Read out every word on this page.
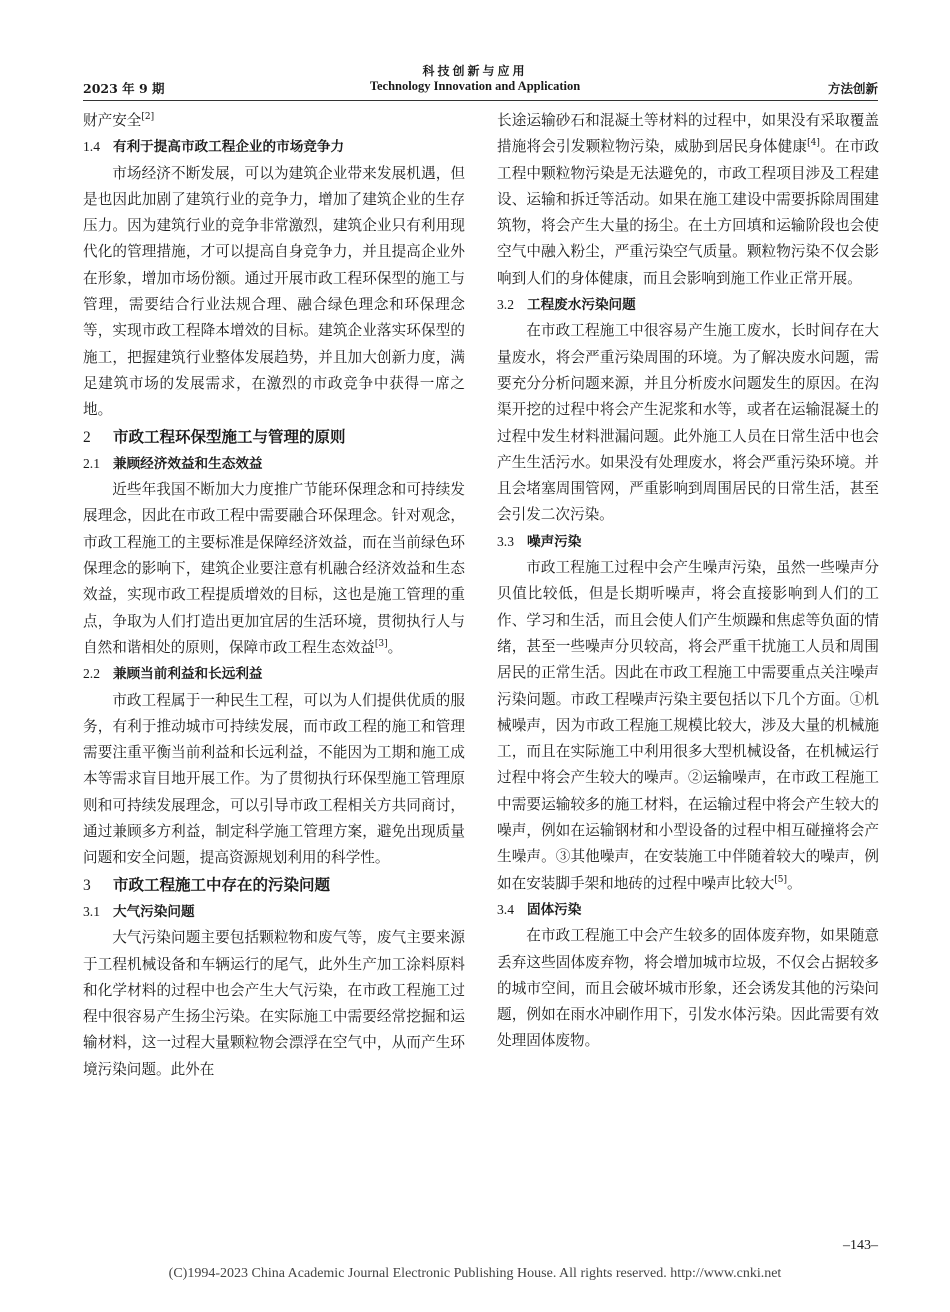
科技创新与应用
2023 年 9 期	Technology Innovation and Application	方法创新

财产安全[2]

1.4 有利于提高市政工程企业的市场竞争力

市场经济不断发展，可以为建筑企业带来发展机遇，但是也因此加剧了建筑行业的竞争力，增加了建筑企业的生存压力。因为建筑行业的竞争非常激烈，建筑企业只有利用现代化的管理措施，才可以提高自身竞争力，并且提高企业外在形象，增加市场份额。通过开展市政工程环保型的施工与管理，需要结合行业法规合理、融合绿色理念和环保理念等，实现市政工程降本增效的目标。建筑企业落实环保型的施工，把握建筑行业整体发展趋势，并且加大创新力度，满足建筑市场的发展需求，在激烈的市政竞争中获得一席之地。

2 市政工程环保型施工与管理的原则
2.1 兼顾经济效益和生态效益

近些年我国不断加大力度推广节能环保理念和可持续发展理念，因此在市政工程中需要融合环保理念。针对观念，市政工程施工的主要标准是保障经济效益，而在当前绿色环保理念的影响下，建筑企业要注意有机融合经济效益和生态效益，实现市政工程提质增效的目标，这也是施工管理的重点，争取为人们打造出更加宜居的生活环境，贯彻执行人与自然和谐相处的原则，保障市政工程生态效益[3]。

2.2 兼顾当前利益和长远利益

市政工程属于一种民生工程，可以为人们提供优质的服务，有利于推动城市可持续发展，而市政工程的施工和管理需要注重平衡当前利益和长远利益，不能因为工期和施工成本等需求盲目地开展工作。为了贯彻执行环保型施工管理原则和可持续发展理念，可以引导市政工程相关方共同商讨，通过兼顾多方利益，制定科学施工管理方案，避免出现质量问题和安全问题，提高资源规划利用的科学性。

3 市政工程施工中存在的污染问题
3.1 大气污染问题

大气污染问题主要包括颗粒物和废气等，废气主要来源于工程机械设备和车辆运行的尾气，此外生产加工涂料原料和化学材料的过程中也会产生大气污染，在市政工程施工过程中很容易产生扬尘污染。在实际施工中需要经常挖掘和运输材料，这一过程大量颗粒物会漂浮在空气中，从而产生环境污染问题。此外在

长途运输砂石和混凝土等材料的过程中，如果没有采取覆盖措施将会引发颗粒物污染，威胁到居民身体健康[4]。在市政工程中颗粒物污染是无法避免的，市政工程项目涉及工程建设、运输和拆迁等活动。如果在施工建设中需要拆除周围建筑物，将会产生大量的扬尘。在土方回填和运输阶段也会使空气中融入粉尘，严重污染空气质量。颗粒物污染不仅会影响到人们的身体健康，而且会影响到施工作业正常开展。

3.2 工程废水污染问题

在市政工程施工中很容易产生施工废水，长时间存在大量废水，将会严重污染周围的环境。为了解决废水问题，需要充分分析问题来源，并且分析废水问题发生的原因。在沟渠开挖的过程中将会产生泥浆和水等，或者在运输混凝土的过程中发生材料泄漏问题。此外施工人员在日常生活中也会产生生活污水。如果没有处理废水，将会严重污染环境。并且会堵塞周围管网，严重影响到周围居民的日常生活，甚至会引发二次污染。

3.3 噪声污染

市政工程施工过程中会产生噪声污染，虽然一些噪声分贝值比较低，但是长期听噪声，将会直接影响到人们的工作、学习和生活，而且会使人们产生烦躁和焦虑等负面的情绪，甚至一些噪声分贝较高，将会严重干扰施工人员和周围居民的正常生活。因此在市政工程施工中需要重点关注噪声污染问题。市政工程噪声污染主要包括以下几个方面。①机械噪声，因为市政工程施工规模比较大，涉及大量的机械施工，而且在实际施工中利用很多大型机械设备，在机械运行过程中将会产生较大的噪声。②运输噪声，在市政工程施工中需要运输较多的施工材料，在运输过程中将会产生较大的噪声，例如在运输钢材和小型设备的过程中相互碰撞将会产生噪声。③其他噪声，在安装施工中伴随着较大的噪声，例如在安装脚手架和地砖的过程中噪声比较大[5]。

3.4 固体污染

在市政工程施工中会产生较多的固体废弃物，如果随意丢弃这些固体废弃物，将会增加城市垃圾，不仅会占据较多的城市空间，而且会破坏城市形象，还会诱发其他的污染问题，例如在雨水冲刷作用下，引发水体污染。因此需要有效处理固体废物。

–143–
(C)1994-2023 China Academic Journal Electronic Publishing House. All rights reserved. http://www.cnki.net
